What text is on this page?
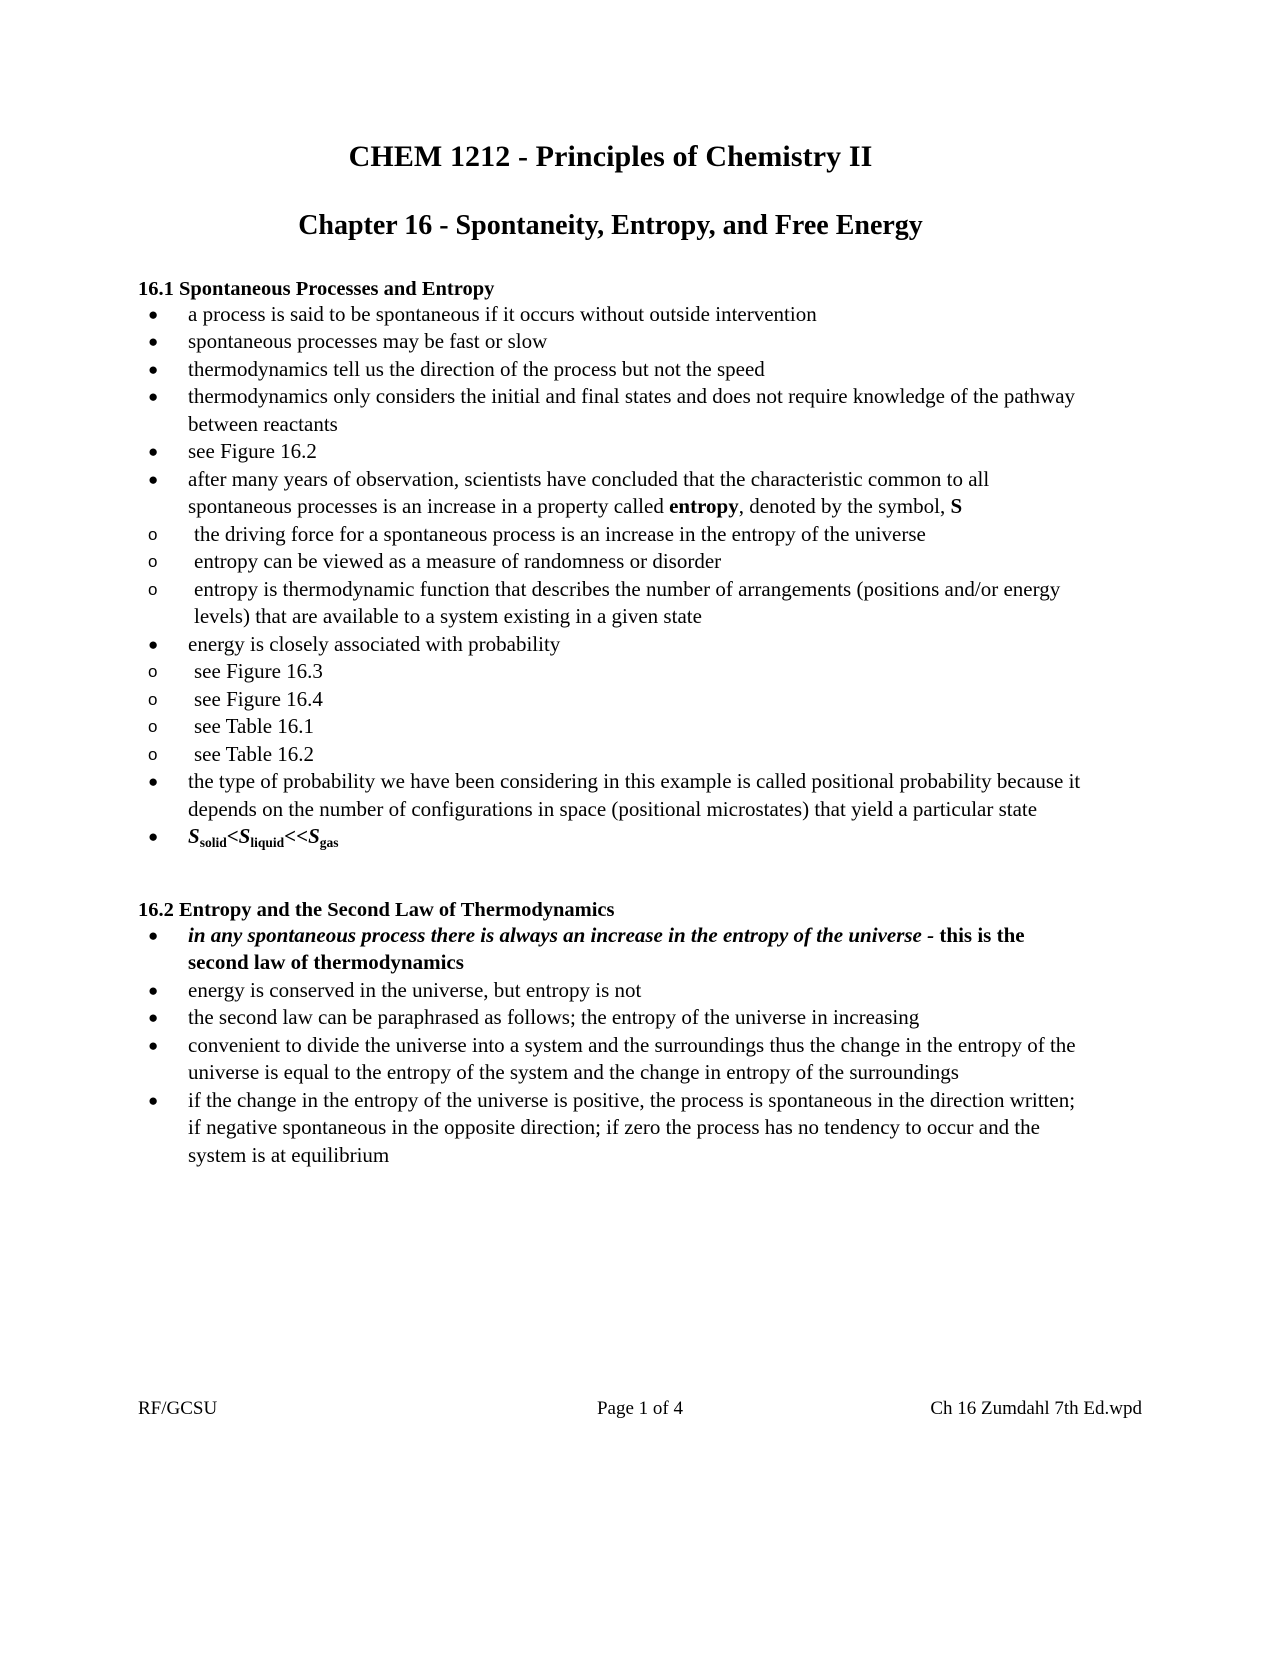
CHEM 1212 - Principles of Chemistry II
Chapter 16 - Spontaneity, Entropy, and Free Energy
16.1 Spontaneous Processes and Entropy
● a process is said to be spontaneous if it occurs without outside intervention
● spontaneous processes may be fast or slow
● thermodynamics tell us the direction of the process but not the speed
● thermodynamics only considers the initial and final states and does not require knowledge of the pathway between reactants
● see Figure 16.2
● after many years of observation, scientists have concluded that the characteristic common to all spontaneous processes is an increase in a property called entropy, denoted by the symbol, S
o the driving force for a spontaneous process is an increase in the entropy of the universe
o entropy can be viewed as a measure of randomness or disorder
o entropy is thermodynamic function that describes the number of arrangements (positions and/or energy levels) that are available to a system existing in a given state
● energy is closely associated with probability
o see Figure 16.3
o see Figure 16.4
o see Table 16.1
o see Table 16.2
● the type of probability we have been considering in this example is called positional probability because it depends on the number of configurations in space (positional microstates) that yield a particular state
● $S_{solid}<S_{liquid}<<S_{gas}$
16.2 Entropy and the Second Law of Thermodynamics
● in any spontaneous process there is always an increase in the entropy of the universe - this is the second law of thermodynamics
● energy is conserved in the universe, but entropy is not
● the second law can be paraphrased as follows; the entropy of the universe in increasing
● convenient to divide the universe into a system and the surroundings thus the change in the entropy of the universe is equal to the entropy of the system and the change in entropy of the surroundings
● if the change in the entropy of the universe is positive, the process is spontaneous in the direction written; if negative spontaneous in the opposite direction; if zero the process has no tendency to occur and the system is at equilibrium
RF/GCSU	Page 1 of 4	Ch 16 Zumdahl 7th Ed.wpd
